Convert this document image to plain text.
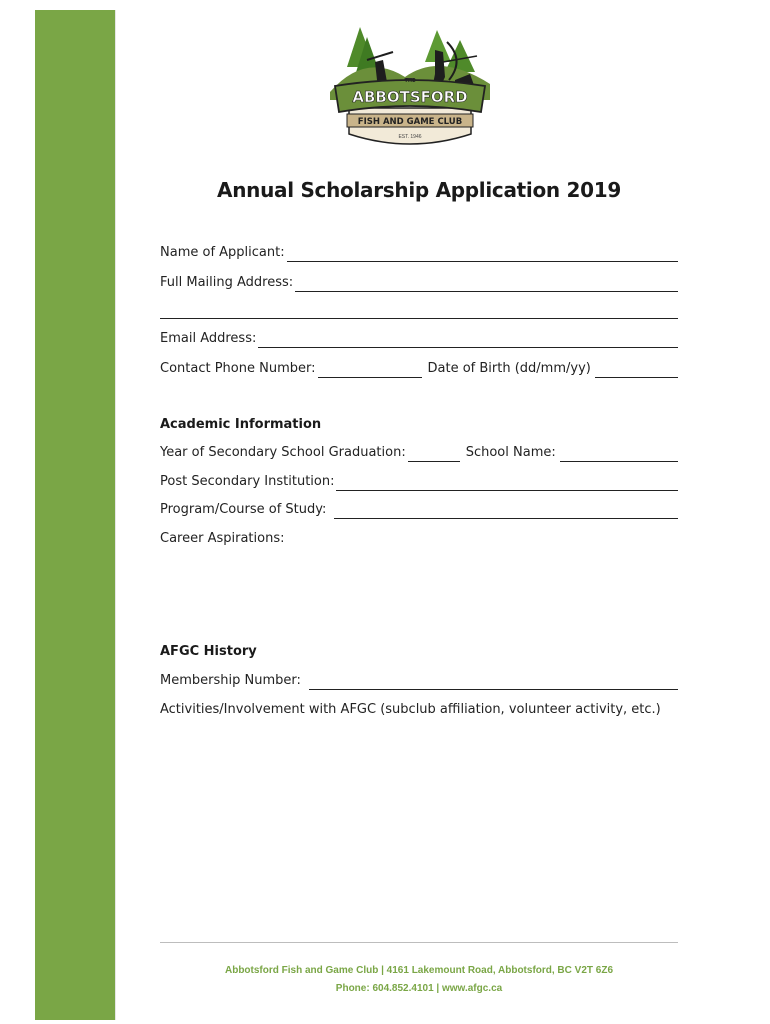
ABBOTSFORD
THE
FISH AND GAME CLUB
EST. 1946
Annual Scholarship Application 2019
Name of Applicant:
Full Mailing Address:
Email Address:
Contact Phone Number:	Date of Birth (dd/mm/yy)
Academic Information
Year of Secondary School Graduation:	School Name:
Post Secondary Institution:
Program/Course of Study:
Career Aspirations:
AFGC History
Membership Number:
Activities/Involvement with AFGC (subclub affiliation, volunteer activity, etc.)
Abbotsford Fish and Game Club | 4161 Lakemount Road, Abbotsford, BC V2T 6Z6
Phone: 604.852.4101 | www.afgc.ca
